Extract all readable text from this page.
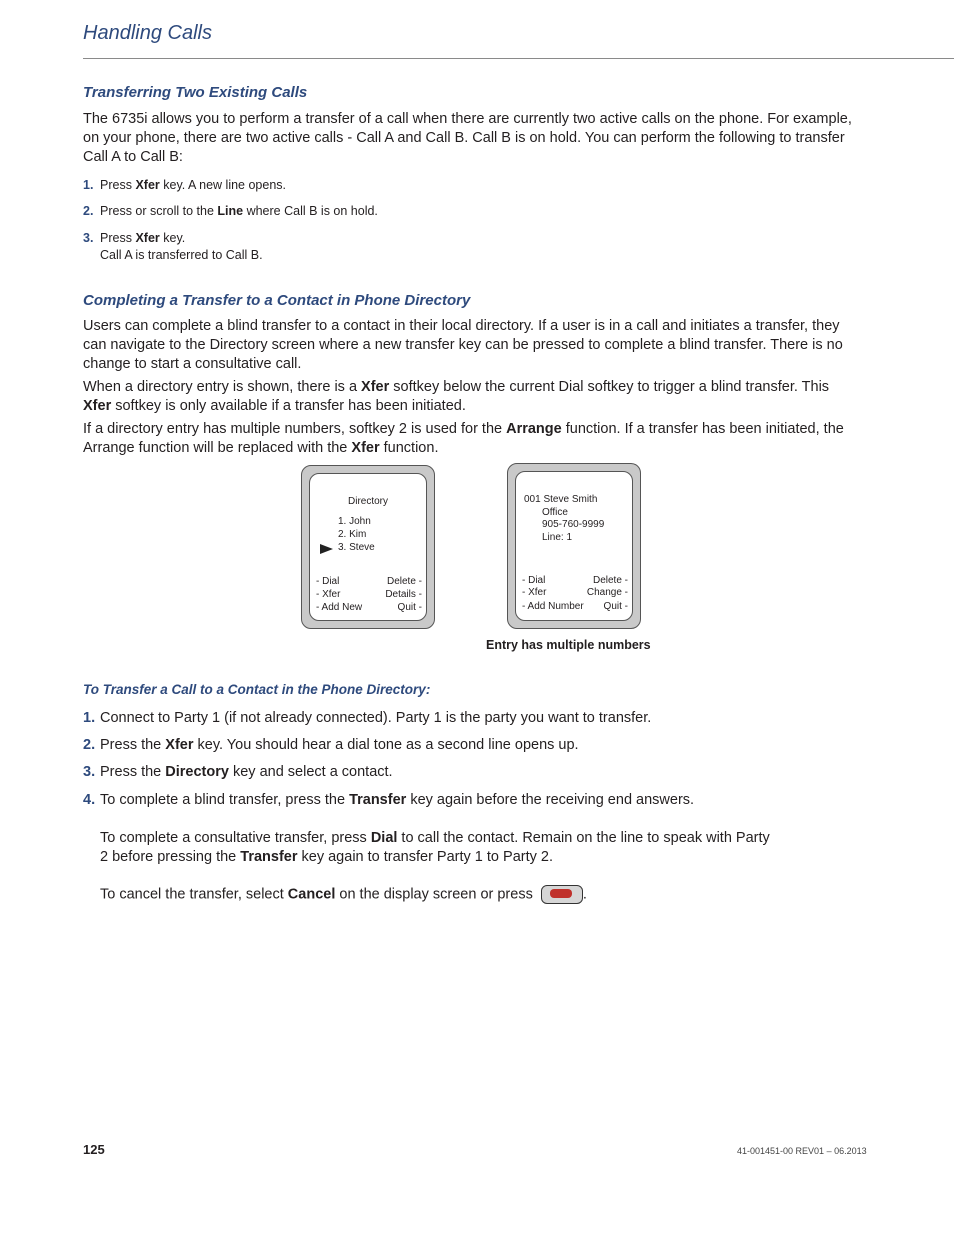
Handling Calls
Transferring Two Existing Calls
The 6735i allows you to perform a transfer of a call when there are currently two active calls on the phone. For example, on your phone, there are two active calls - Call A and Call B. Call B is on hold. You can perform the following to transfer Call A to Call B:
1. Press Xfer key. A new line opens.
2. Press or scroll to the Line where Call B is on hold.
3. Press Xfer key.
Call A is transferred to Call B.
Completing a Transfer to a Contact in Phone Directory
Users can complete a blind transfer to a contact in their local directory. If a user is in a call and initiates a transfer, they can navigate to the Directory screen where a new transfer key can be pressed to complete a blind transfer. There is no change to start a consultative call.
When a directory entry is shown, there is a Xfer softkey below the current Dial softkey to trigger a blind transfer. This Xfer softkey is only available if a transfer has been initiated.
If a directory entry has multiple numbers, softkey 2 is used for the Arrange function. If a transfer has been initiated, the Arrange function will be replaced with the Xfer function.
Directory
1. John
2. Kim
3. Steve
- Dial
- Xfer
- Add New
Delete -
Details -
Quit -
001 Steve Smith
Office
905-760-9999
Line: 1
- Dial
- Xfer
- Add Number
Delete -
Change -
Quit -
Entry has multiple numbers
To Transfer a Call to a Contact in the Phone Directory:
1. Connect to Party 1 (if not already connected). Party 1 is the party you want to transfer.
2. Press the Xfer key. You should hear a dial tone as a second line opens up.
3. Press the Directory key and select a contact.
4. To complete a blind transfer, press the Transfer key again before the receiving end answers.
To complete a consultative transfer, press Dial to call the contact. Remain on the line to speak with Party 2 before pressing the Transfer key again to transfer Party 1 to Party 2.
To cancel the transfer, select Cancel on the display screen or press	.
125	41-001451-00 REV01 – 06.2013
